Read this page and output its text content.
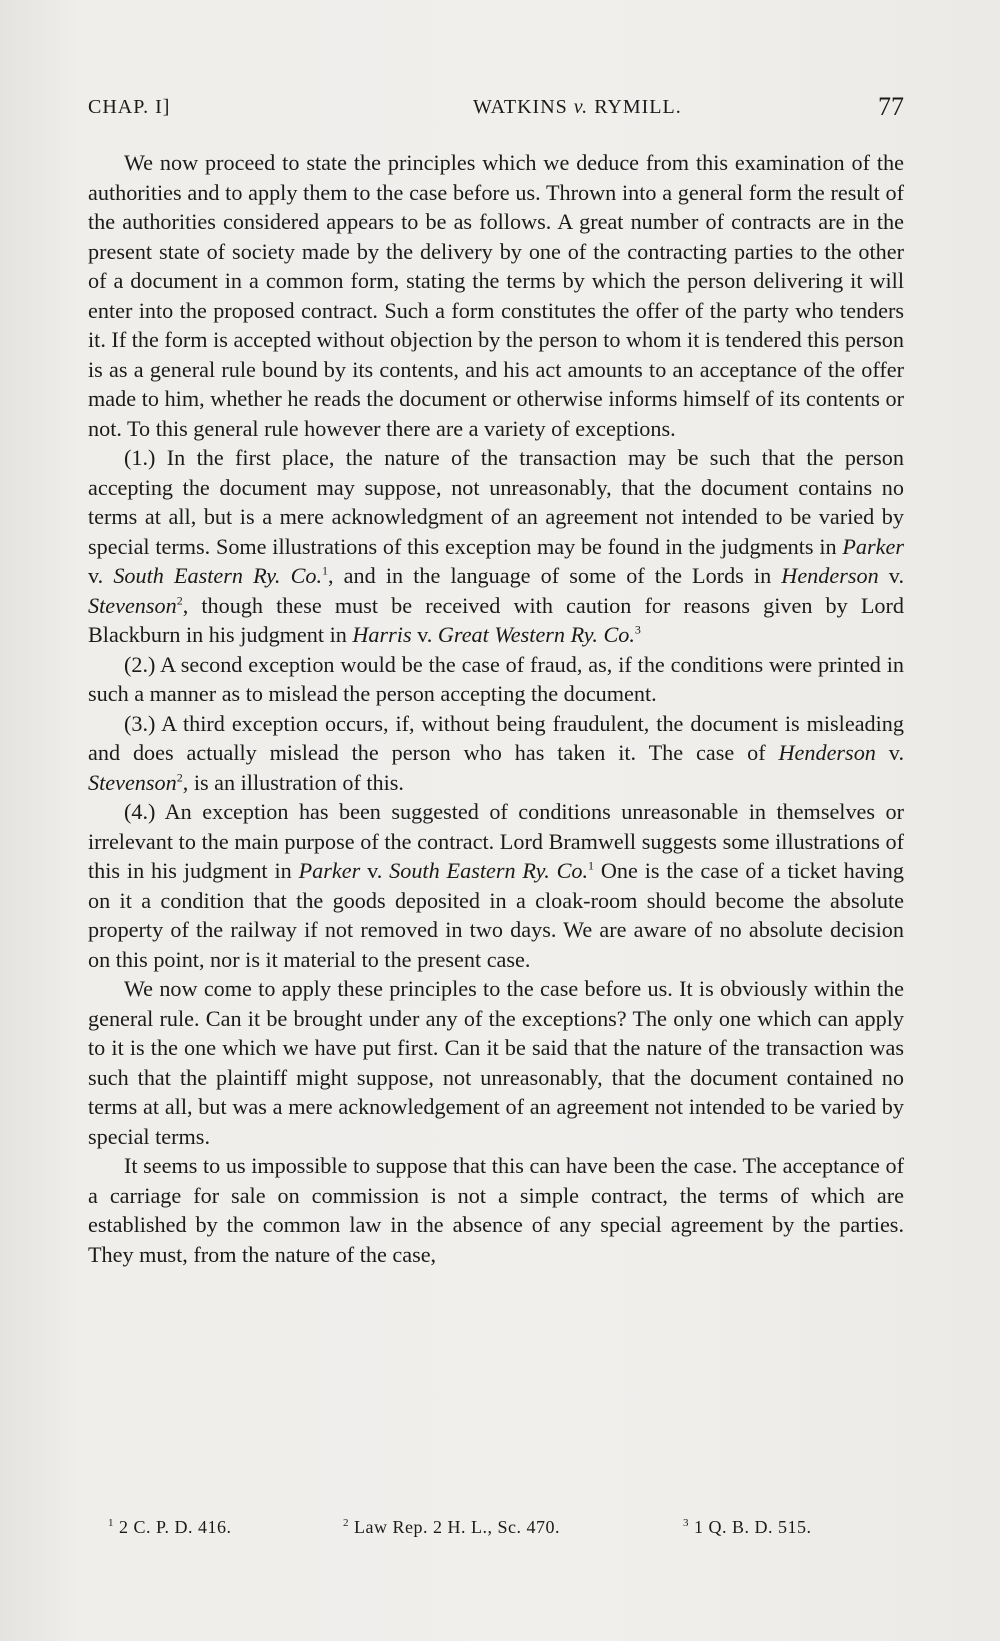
CHAP. I]	WATKINS v. RYMILL.	77

We now proceed to state the principles which we deduce from this examination of the authorities and to apply them to the case before us. Thrown into a general form the result of the authorities considered appears to be as follows. A great number of contracts are in the present state of society made by the delivery by one of the contracting parties to the other of a document in a common form, stating the terms by which the person delivering it will enter into the proposed contract. Such a form constitutes the offer of the party who tenders it. If the form is accepted without objection by the person to whom it is tendered this person is as a general rule bound by its contents, and his act amounts to an acceptance of the offer made to him, whether he reads the document or otherwise informs himself of its contents or not. To this general rule however there are a variety of exceptions.

(1.) In the first place, the nature of the transaction may be such that the person accepting the document may suppose, not unreasonably, that the document contains no terms at all, but is a mere acknowledgment of an agreement not intended to be varied by special terms. Some illustrations of this exception may be found in the judgments in Parker v. South Eastern Ry. Co.$^1$, and in the language of some of the Lords in Henderson v. Stevenson$^2$, though these must be received with caution for reasons given by Lord Blackburn in his judgment in Harris v. Great Western Ry. Co.$^3$

(2.) A second exception would be the case of fraud, as, if the conditions were printed in such a manner as to mislead the person accepting the document.

(3.) A third exception occurs, if, without being fraudulent, the document is misleading and does actually mislead the person who has taken it. The case of Henderson v. Stevenson$^2$, is an illustration of this.

(4.) An exception has been suggested of conditions unreasonable in themselves or irrelevant to the main purpose of the contract. Lord Bramwell suggests some illustrations of this in his judgment in Parker v. South Eastern Ry. Co.$^1$ One is the case of a ticket having on it a condition that the goods deposited in a cloak-room should become the absolute property of the railway if not removed in two days. We are aware of no absolute decision on this point, nor is it material to the present case.

We now come to apply these principles to the case before us. It is obviously within the general rule. Can it be brought under any of the exceptions? The only one which can apply to it is the one which we have put first. Can it be said that the nature of the transaction was such that the plaintiff might suppose, not unreasonably, that the document contained no terms at all, but was a mere acknowledgement of an agreement not intended to be varied by special terms.

It seems to us impossible to suppose that this can have been the case. The acceptance of a carriage for sale on commission is not a simple contract, the terms of which are established by the common law in the absence of any special agreement by the parties. They must, from the nature of the case,

$^1$ 2 C. P. D. 416.	$^2$ Law Rep. 2 H. L., Sc. 470.	$^3$ 1 Q. B. D. 515.
